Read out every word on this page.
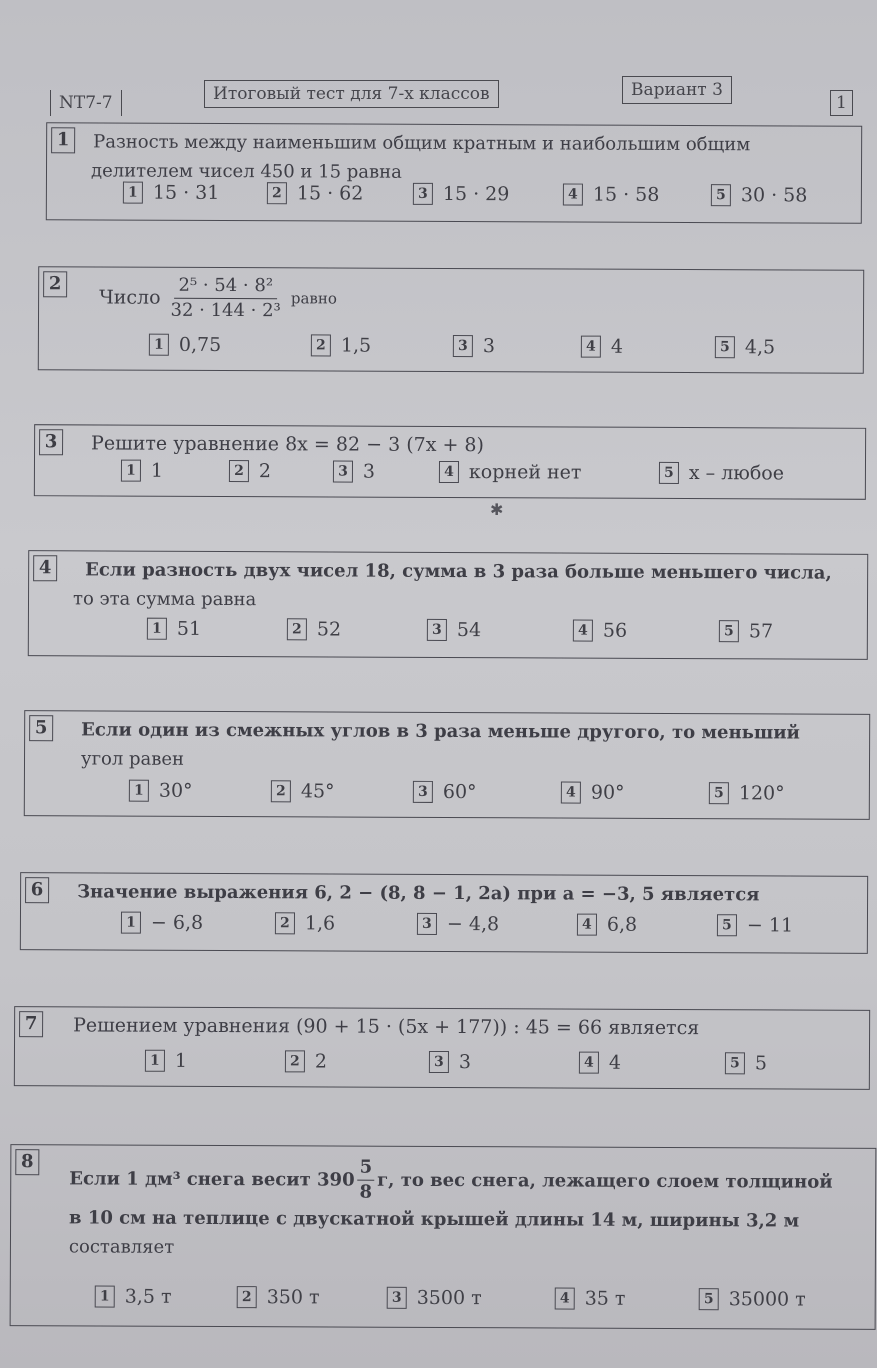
NT7-7	Итоговый тест для 7-х классов	Вариант 3
1
1	Разность между наименьшим общим кратным и наибольшим общим
делителем чисел 450 и 15 равна
1 15 · 31	2 15 · 62	3 15 · 29	4 15 · 58	5 30 · 58
2
Число $\frac{\text{2⁵ · 54 · 8²}}{\text{32 · 144 · 2³}}$ равно
1 0,75	2 1,5	3 3	4 4	5 4,5
3	Решите уравнение 8x = 82 − 3 (7x + 8)
1 1	2 2	3 3	4 корней нет	5 x – любое
✱
4	Если разность двух чисел 18, сумма в 3 раза больше меньшего числа,
то эта сумма равна
1 51	2 52	3 54	4 56	5 57
5	Если один из смежных углов в 3 раза меньше другого, то меньший
угол равен
1 30°	2 45°	3 60°	4 90°	5 120°
6	Значение выражения 6, 2 − (8, 8 − 1, 2a) при a = −3, 5 является
1 − 6,8	2 1,6	3 − 4,8	4 6,8	5 − 11
7	Решением уравнения (90 + 15 · (5x + 177)) : 45 = 66 является
1 1	2 2	3 3	4 4	5 5
8
Если 1 дм³ снега весит $390 \frac{5}{8} г$, то вес снега, лежащего слоем толщиной
в 10 см на теплице с двускатной крышей длины 14 м, ширины 3,2 м
составляет
1 3,5 т	2 350 т	3 3500 т	4 35 т	5 35000 т
